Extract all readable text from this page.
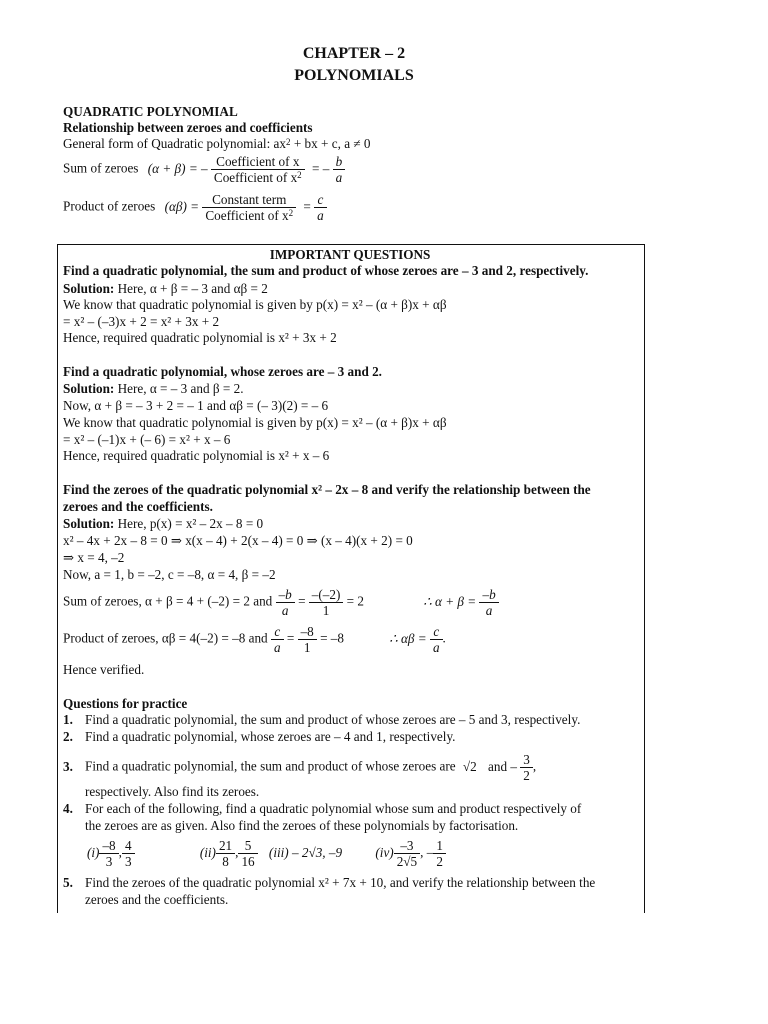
CHAPTER – 2
POLYNOMIALS
QUADRATIC POLYNOMIAL
Relationship between zeroes and coefficients
General form of Quadratic polynomial: $ax^2$ + bx + c, a ≠ 0
Sum of zeroes (α + β) = – $\frac{\text{Coefficient of x}}{Coefficient of x^2}$ = – $\frac{b}{a}$
Product of zeroes $(\alpha\beta) = \frac{\text{Constant term}}{Coefficient of x^2} = \frac{c}{a}$
IMPORTANT QUESTIONS
Find a quadratic polynomial, the sum and product of whose zeroes are – 3 and 2, respectively.
Solution: Here, α + β = – 3 and αβ = 2
We know that quadratic polynomial is given by p(x) = x² – (α + β)x + αβ
= x² – (–3)x + 2 = x² + 3x + 2
Hence, required quadratic polynomial is x² + 3x + 2
Find a quadratic polynomial, whose zeroes are – 3 and 2.
Solution: Here, α = – 3 and β = 2.
Now, α + β = – 3 + 2 = – 1 and αβ = (– 3)(2) = – 6
We know that quadratic polynomial is given by p(x) = x² – (α + β)x + αβ
= x² – (–1)x + (– 6) = x² + x – 6
Hence, required quadratic polynomial is x² + x – 6
Find the zeroes of the quadratic polynomial x² – 2x – 8 and verify the relationship between the
zeroes and the coefficients.
Solution: Here, p(x) = x² – 2x – 8 = 0
x² – 4x + 2x – 8 = 0 ⇒ x(x – 4) + 2(x – 4) = 0 ⇒ (x – 4)(x + 2) = 0
⇒ x = 4, –2
Now, a = 1, b = –2, c = –8, α = 4, β = –2
Sum of zeroes, α + β = 4 + (–2) = 2 and $\frac{-b}{a} = \frac{-(-2)}{1} = 2$	∴ $\alpha + \beta = \frac{-b}{a}$
Product of zeroes, αβ = 4(–2) = –8 and $\frac{c}{a} = \frac{-8}{1} = -8$	∴ $\alpha\beta = \frac{c}{a}$ .
Hence verified.
Questions for practice
1. Find a quadratic polynomial, the sum and product of whose zeroes are – 5 and 3, respectively.
2. Find a quadratic polynomial, whose zeroes are – 4 and 1, respectively.
3. Find a quadratic polynomial, the sum and product of whose zeroes are √2 and – $\frac{3}{2}$ ,
respectively. Also find its zeroes.
4. For each of the following, find a quadratic polynomial whose sum and product respectively of
the zeroes are as given. Also find the zeroes of these polynomials by factorisation.
$(i) \frac{-8}{3}$ , $\frac{4}{3}$	$(ii) \frac{21}{8}$ , $\frac{5}{16} (iii) - 2√3$, –9	$(iv) \frac{-3}{2√5}$ , – $\frac{1}{2}$
5. Find the zeroes of the quadratic polynomial x² + 7x + 10, and verify the relationship between the
zeroes and the coefficients.
